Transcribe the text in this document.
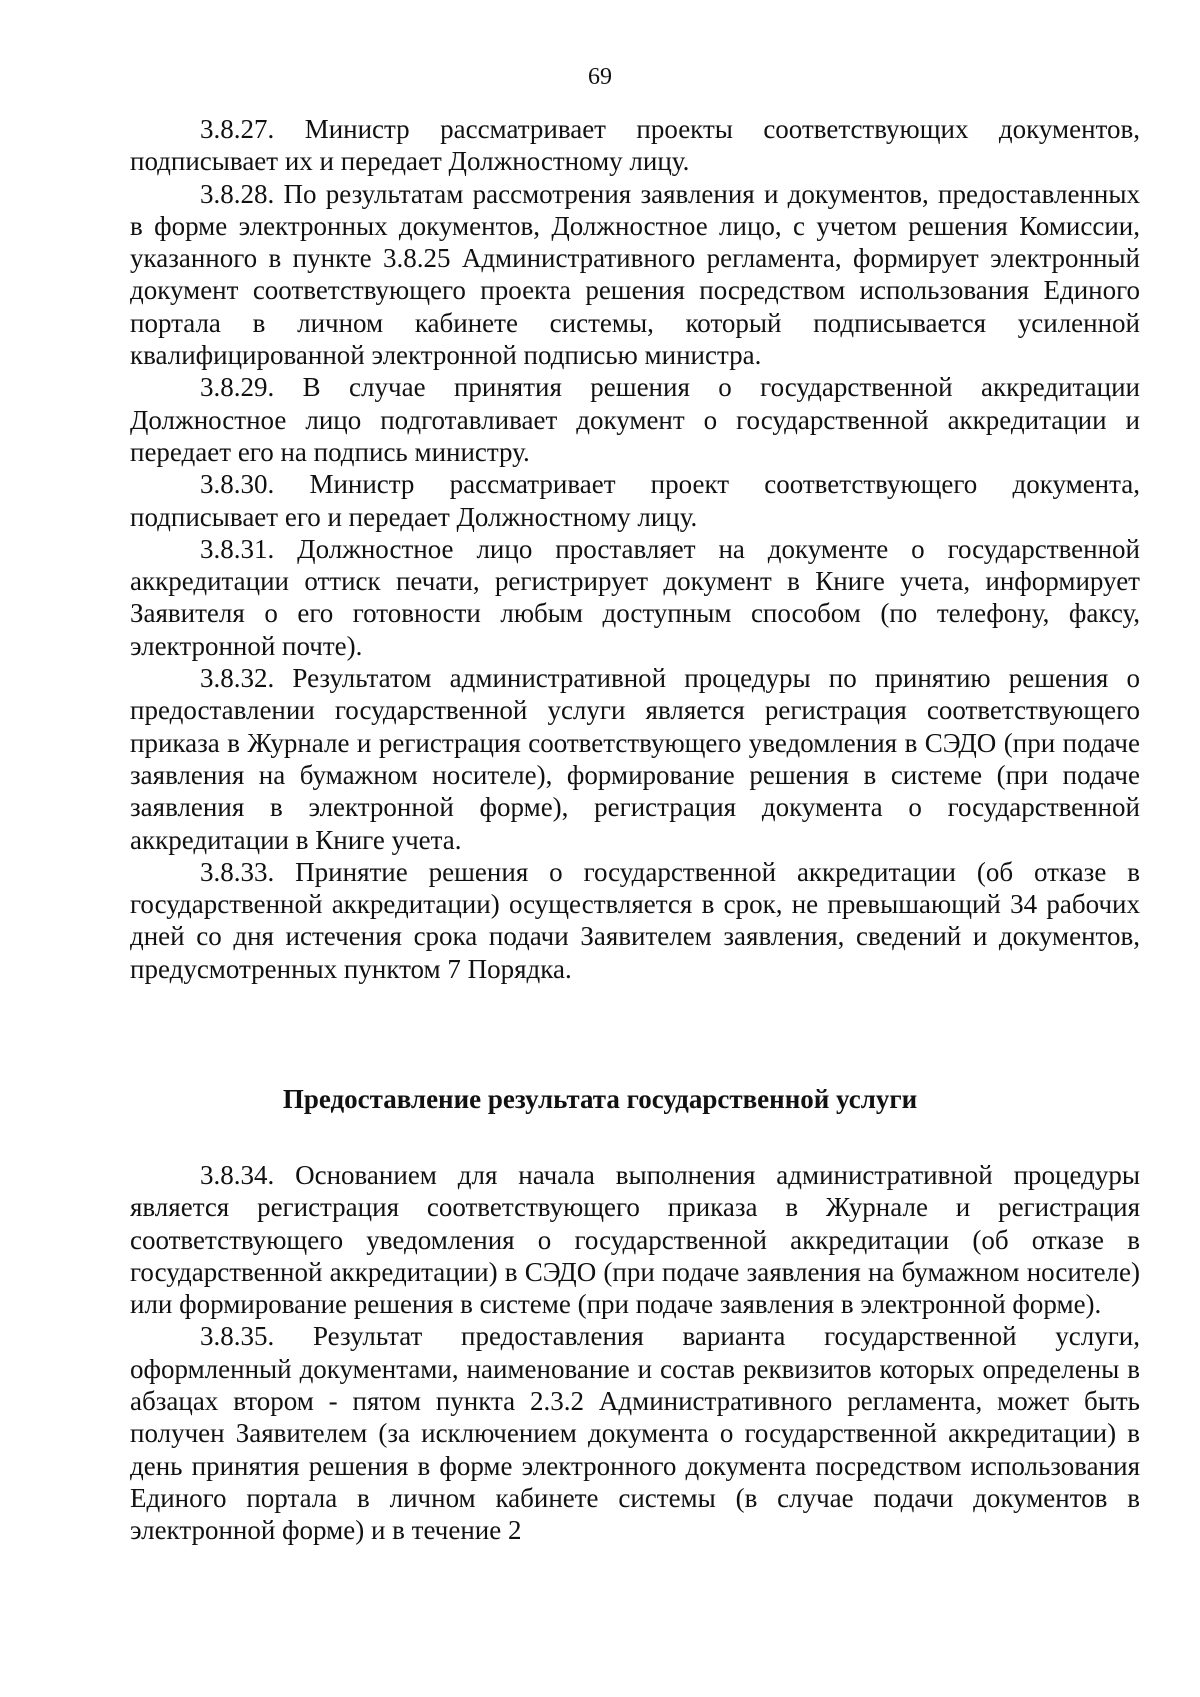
69

3.8.27. Министр рассматривает проекты соответствующих документов, подписывает их и передает Должностному лицу.

3.8.28. По результатам рассмотрения заявления и документов, предоставленных в форме электронных документов, Должностное лицо, с учетом решения Комиссии, указанного в пункте 3.8.25 Административного регламента, формирует электронный документ соответствующего проекта решения посредством использования Единого портала в личном кабинете системы, который подписывается усиленной квалифицированной электронной подписью министра.

3.8.29. В случае принятия решения о государственной аккредитации Должностное лицо подготавливает документ о государственной аккредитации и передает его на подпись министру.

3.8.30. Министр рассматривает проект соответствующего документа, подписывает его и передает Должностному лицу.

3.8.31. Должностное лицо проставляет на документе о государственной аккредитации оттиск печати, регистрирует документ в Книге учета, информирует Заявителя о его готовности любым доступным способом (по телефону, факсу, электронной почте).

3.8.32. Результатом административной процедуры по принятию решения о предоставлении государственной услуги является регистрация соответствующего приказа в Журнале и регистрация соответствующего уведомления в СЭДО (при подаче заявления на бумажном носителе), формирование решения в системе (при подаче заявления в электронной форме), регистрация документа о государственной аккредитации в Книге учета.

3.8.33. Принятие решения о государственной аккредитации (об отказе в государственной аккредитации) осуществляется в срок, не превышающий 34 рабочих дней со дня истечения срока подачи Заявителем заявления, сведений и документов, предусмотренных пунктом 7 Порядка.

Предоставление результата государственной услуги

3.8.34. Основанием для начала выполнения административной процедуры является регистрация соответствующего приказа в Журнале и регистрация соответствующего уведомления о государственной аккредитации (об отказе в государственной аккредитации) в СЭДО (при подаче заявления на бумажном носителе) или формирование решения в системе (при подаче заявления в электронной форме).

3.8.35. Результат предоставления варианта государственной услуги, оформленный документами, наименование и состав реквизитов которых определены в абзацах втором - пятом пункта 2.3.2 Административного регламента, может быть получен Заявителем (за исключением документа о государственной аккредитации) в день принятия решения в форме электронного документа посредством использования Единого портала в личном кабинете системы (в случае подачи документов в электронной форме) и в течение 2
